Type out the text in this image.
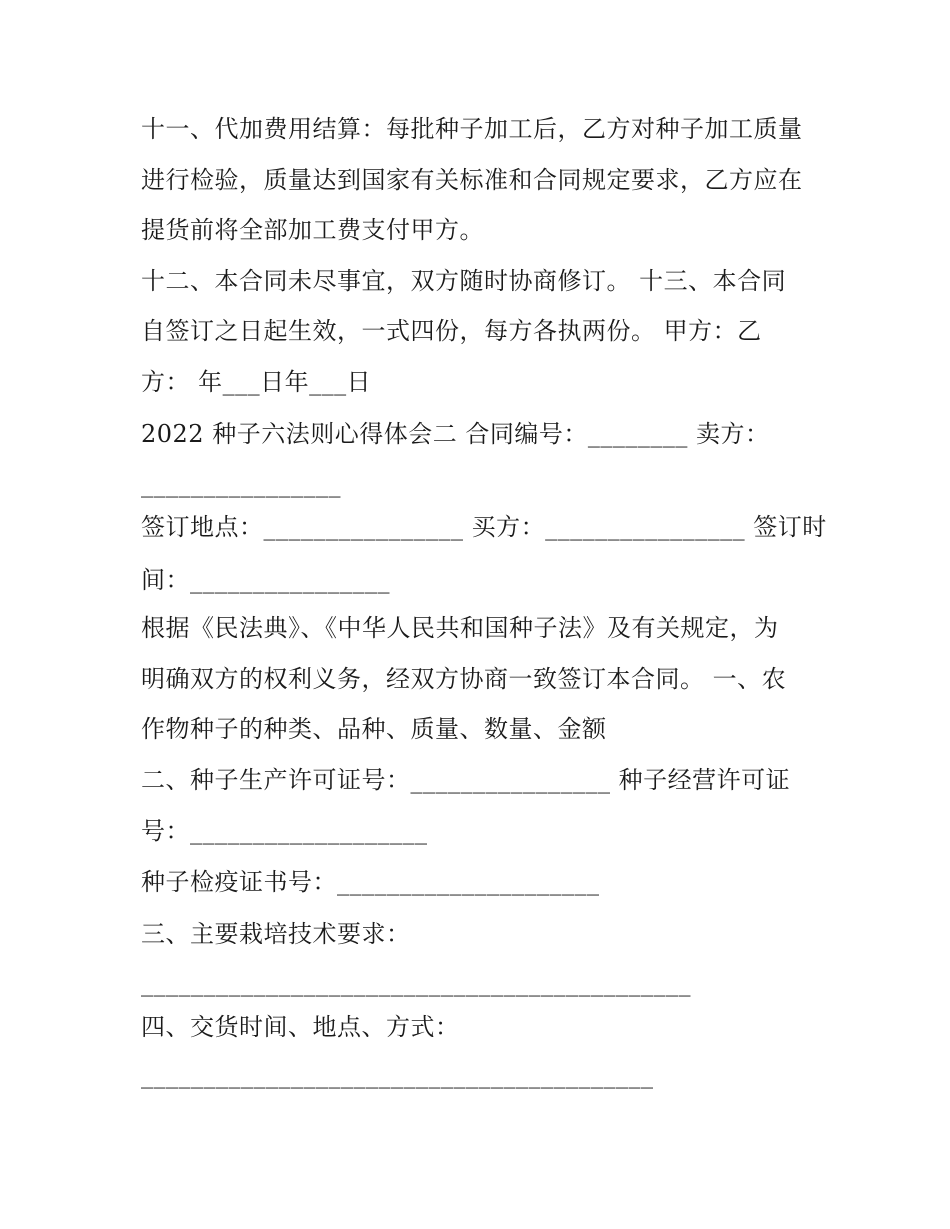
十一、代加费用结算：每批种子加工后，乙方对种子加工质量
进行检验，质量达到国家有关标准和合同规定要求，乙方应在
提货前将全部加工费支付甲方。
十二、本合同未尽事宜，双方随时协商修订。 十三、本合同
自签订之日起生效，一式四份，每方各执两份。 甲方：乙
方： 年___日年___日
2022 种子六法则心得体会二 合同编号：________ 卖方：
________________
签订地点：________________ 买方：________________ 签订时
间：________________
根据《民法典》、《中华人民共和国种子法》及有关规定，为
明确双方的权利义务，经双方协商一致签订本合同。 一、农
作物种子的种类、品种、质量、数量、金额
二、种子生产许可证号：________________ 种子经营许可证
号：___________________
种子检疫证书号：_____________________
三、主要栽培技术要求：
____________________________________________
四、交货时间、地点、方式：
_________________________________________
